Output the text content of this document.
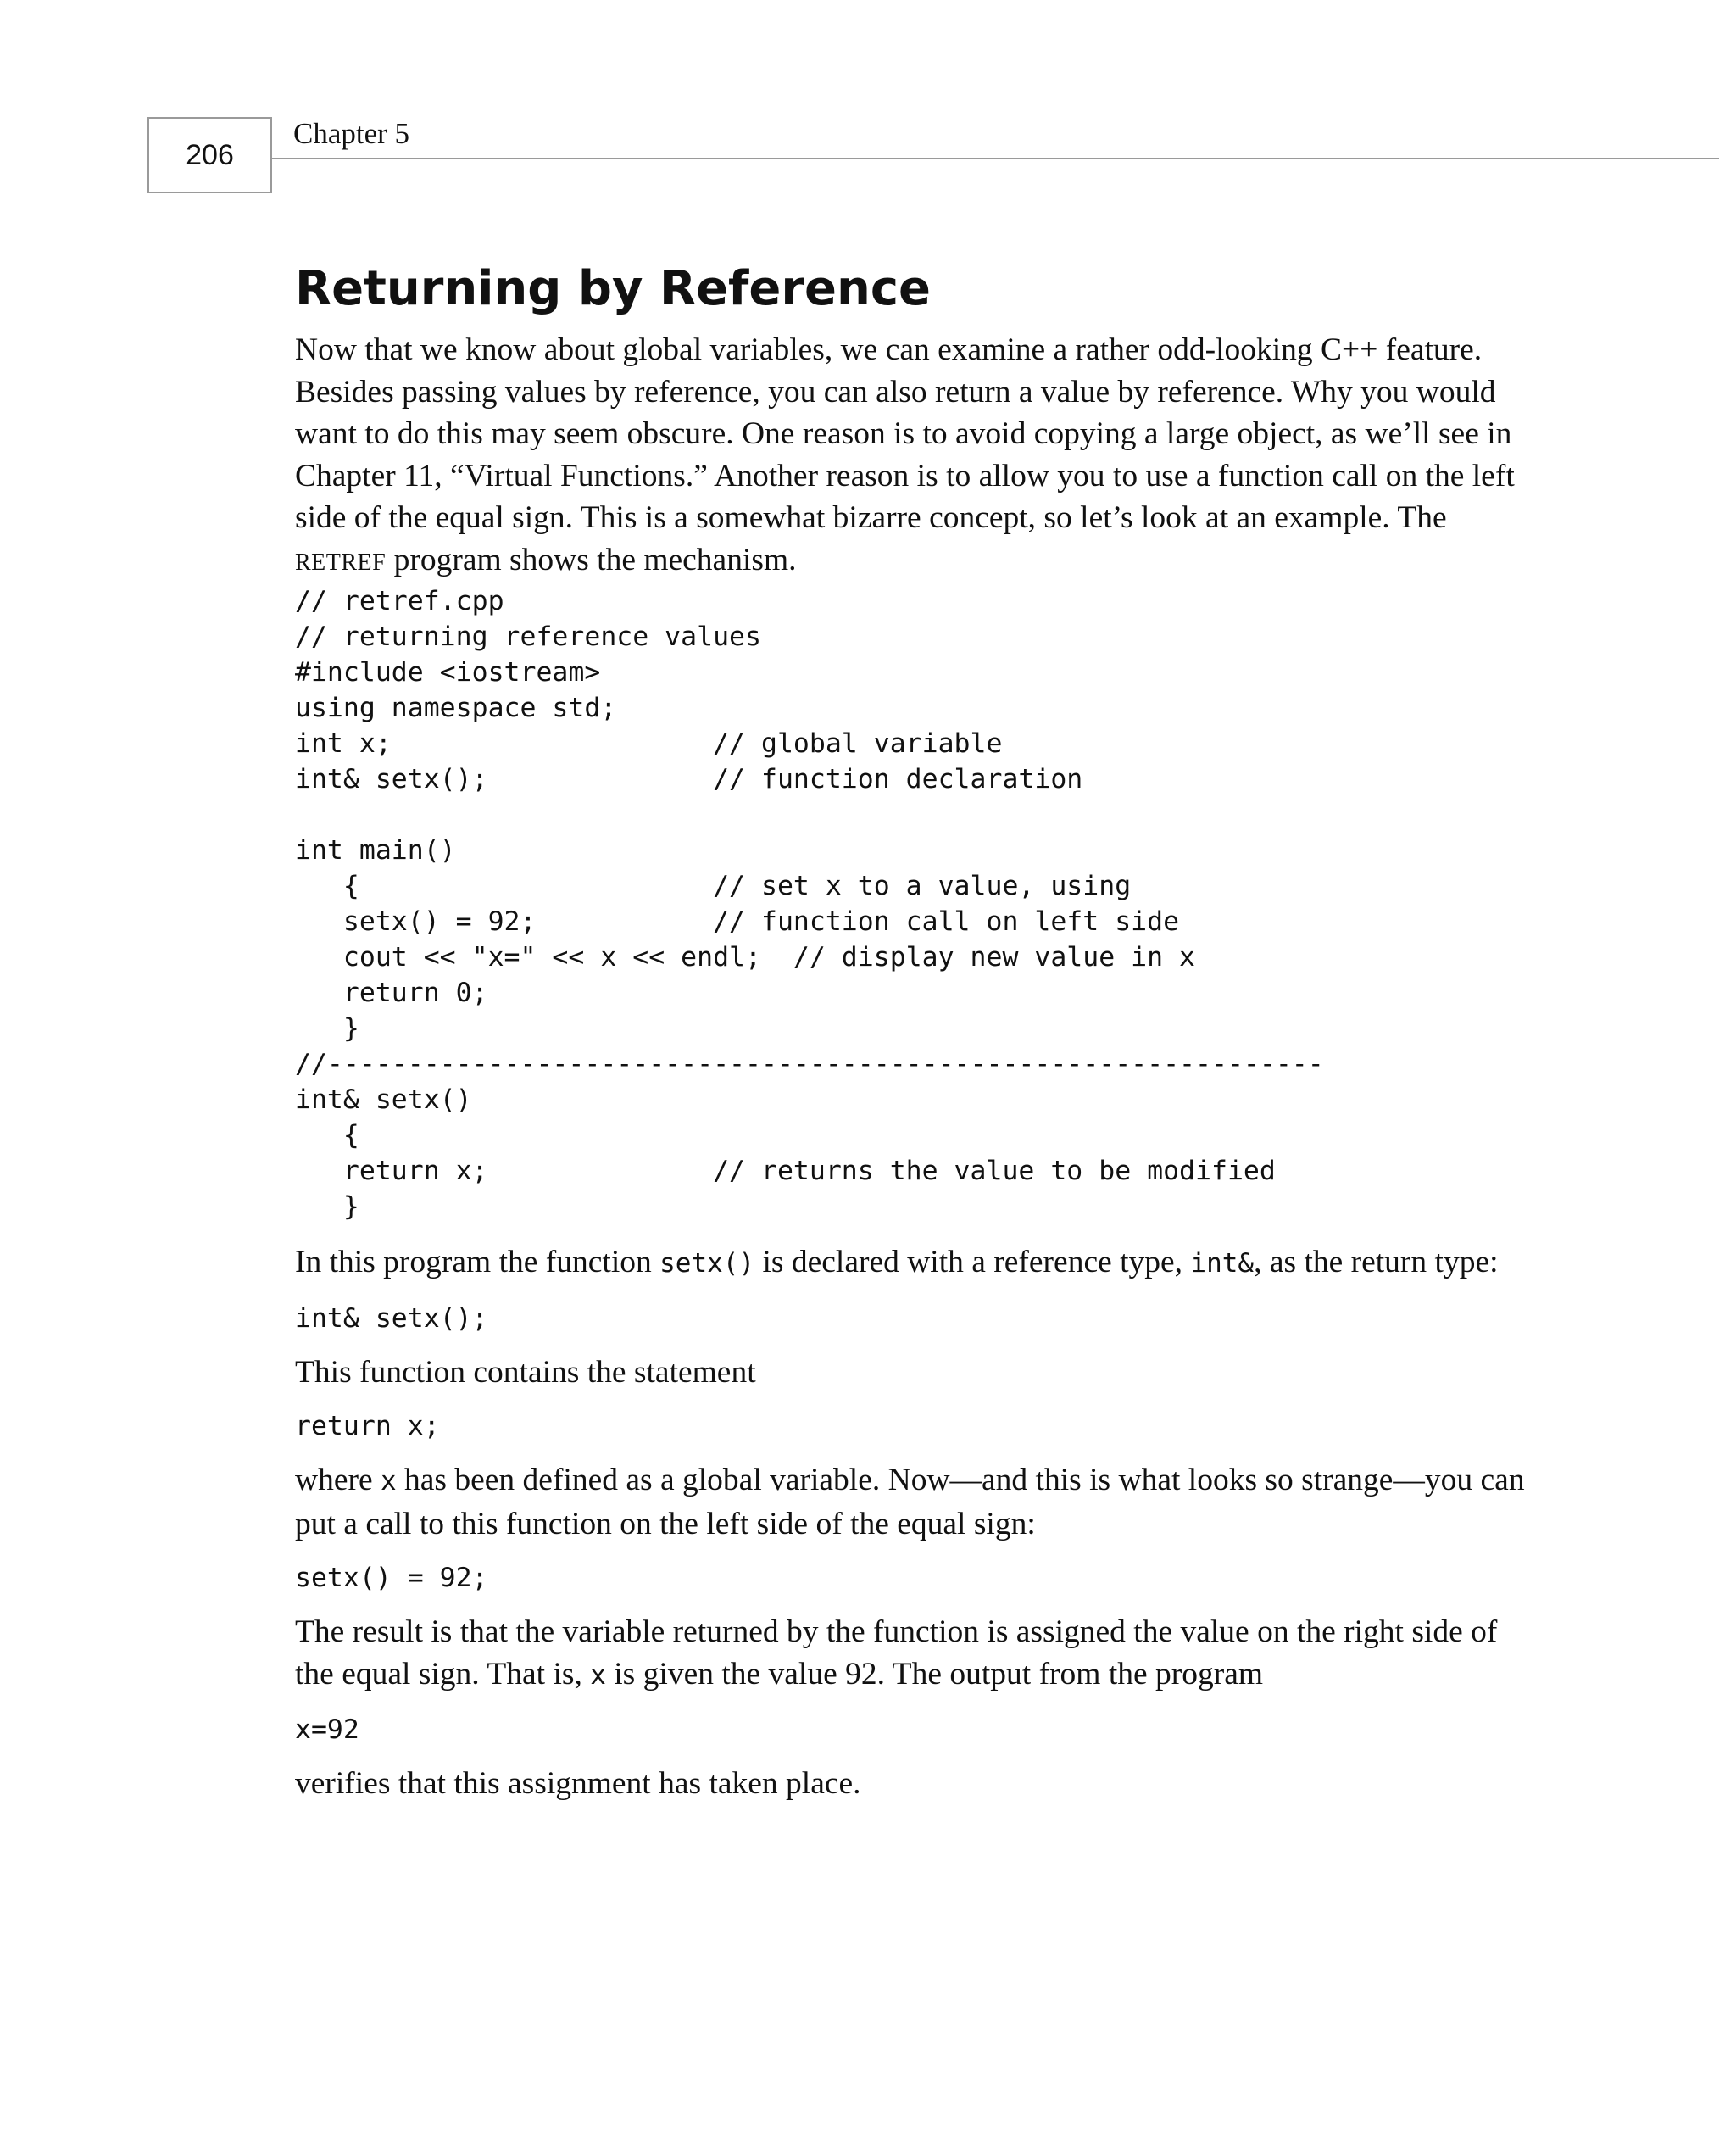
206
Chapter 5
Returning by Reference

Now that we know about global variables, we can examine a rather odd-looking C++ feature. Besides passing values by reference, you can also return a value by reference. Why you would want to do this may seem obscure. One reason is to avoid copying a large object, as we’ll see in Chapter 11, “Virtual Functions.” Another reason is to allow you to use a function call on the left side of the equal sign. This is a somewhat bizarre concept, so let’s look at an example. The RETREF program shows the mechanism.

// retref.cpp
// returning reference values
#include <iostream>
using namespace std;
int x;                    // global variable
int& setx();              // function declaration

int main()
{                      // set x to a value, using
setx() = 92;           // function call on left side
cout << "x=" << x << endl;  // display new value in x
return 0;
}
//--------------------------------------------------------------
int& setx()
{
return x;              // returns the value to be modified
}

In this program the function setx() is declared with a reference type, int&, as the return type:

int& setx();

This function contains the statement

return x;

where x has been defined as a global variable. Now—and this is what looks so strange—you can put a call to this function on the left side of the equal sign:

setx() = 92;

The result is that the variable returned by the function is assigned the value on the right side of the equal sign. That is, x is given the value 92. The output from the program

x=92

verifies that this assignment has taken place.
